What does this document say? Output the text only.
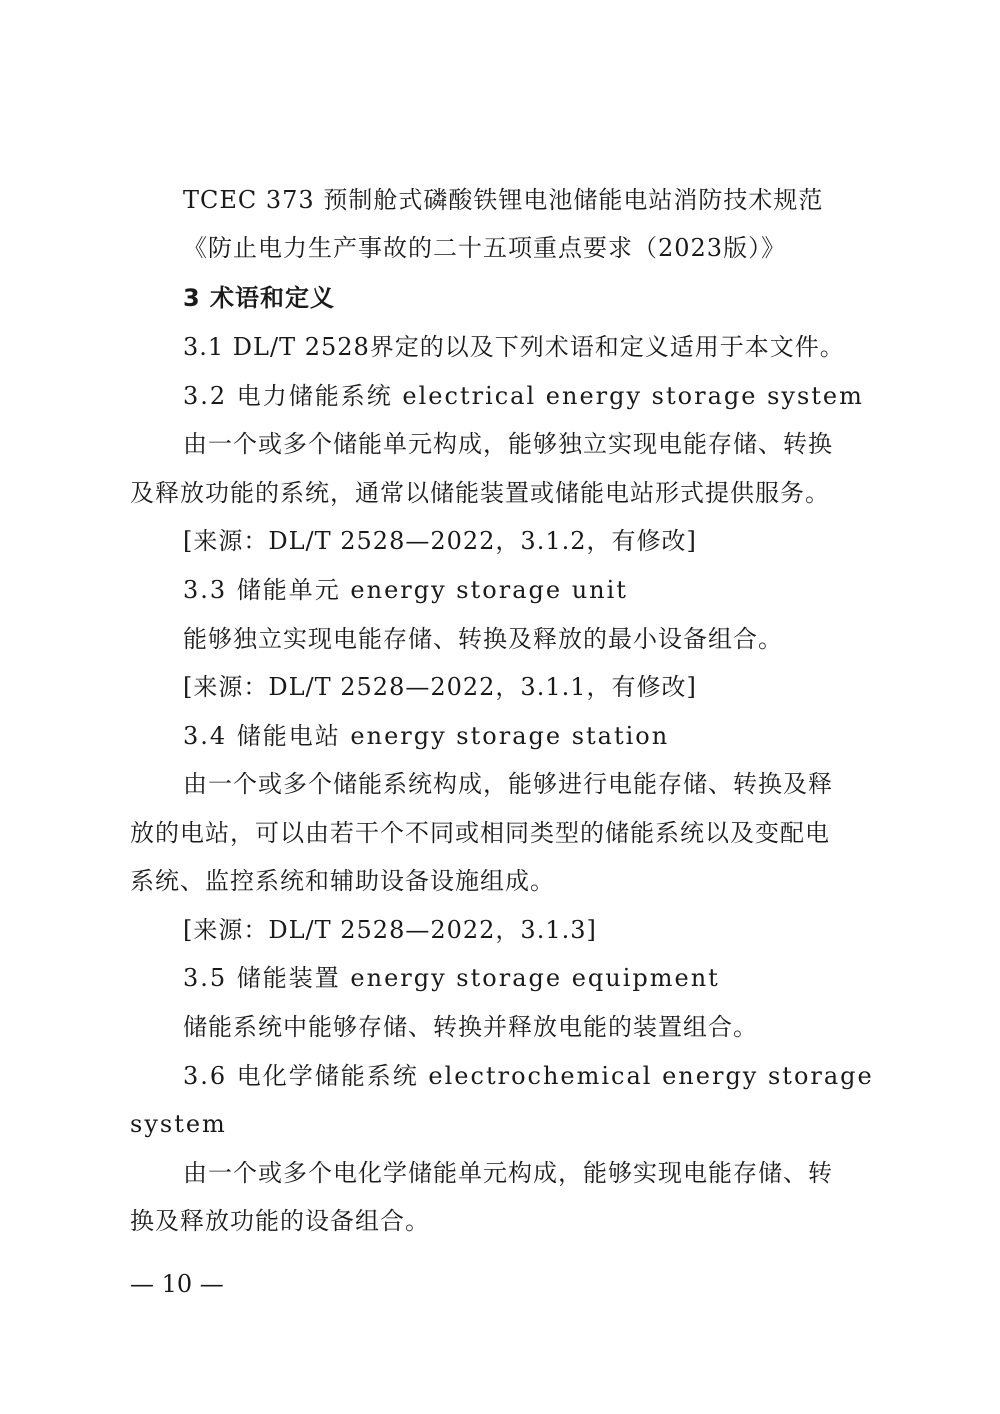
TCEC 373 预制舱式磷酸铁锂电池储能电站消防技术规范
《防止电力生产事故的二十五项重点要求（2023版）》
3 术语和定义
3.1 DL/T 2528界定的以及下列术语和定义适用于本文件。
3.2 电力储能系统 electrical energy storage system
由一个或多个储能单元构成，能够独立实现电能存储、转换
及释放功能的系统，通常以储能装置或储能电站形式提供服务。
[来源：DL/T 2528—2022，3.1.2，有修改]
3.3 储能单元 energy storage unit
能够独立实现电能存储、转换及释放的最小设备组合。
[来源：DL/T 2528—2022，3.1.1，有修改]
3.4 储能电站 energy storage station
由一个或多个储能系统构成，能够进行电能存储、转换及释
放的电站，可以由若干个不同或相同类型的储能系统以及变配电
系统、监控系统和辅助设备设施组成。
[来源：DL/T 2528—2022，3.1.3]
3.5 储能装置 energy storage equipment
储能系统中能够存储、转换并释放电能的装置组合。
3.6 电化学储能系统 electrochemical energy storage
system
由一个或多个电化学储能单元构成，能够实现电能存储、转
换及释放功能的设备组合。
— 10 —
